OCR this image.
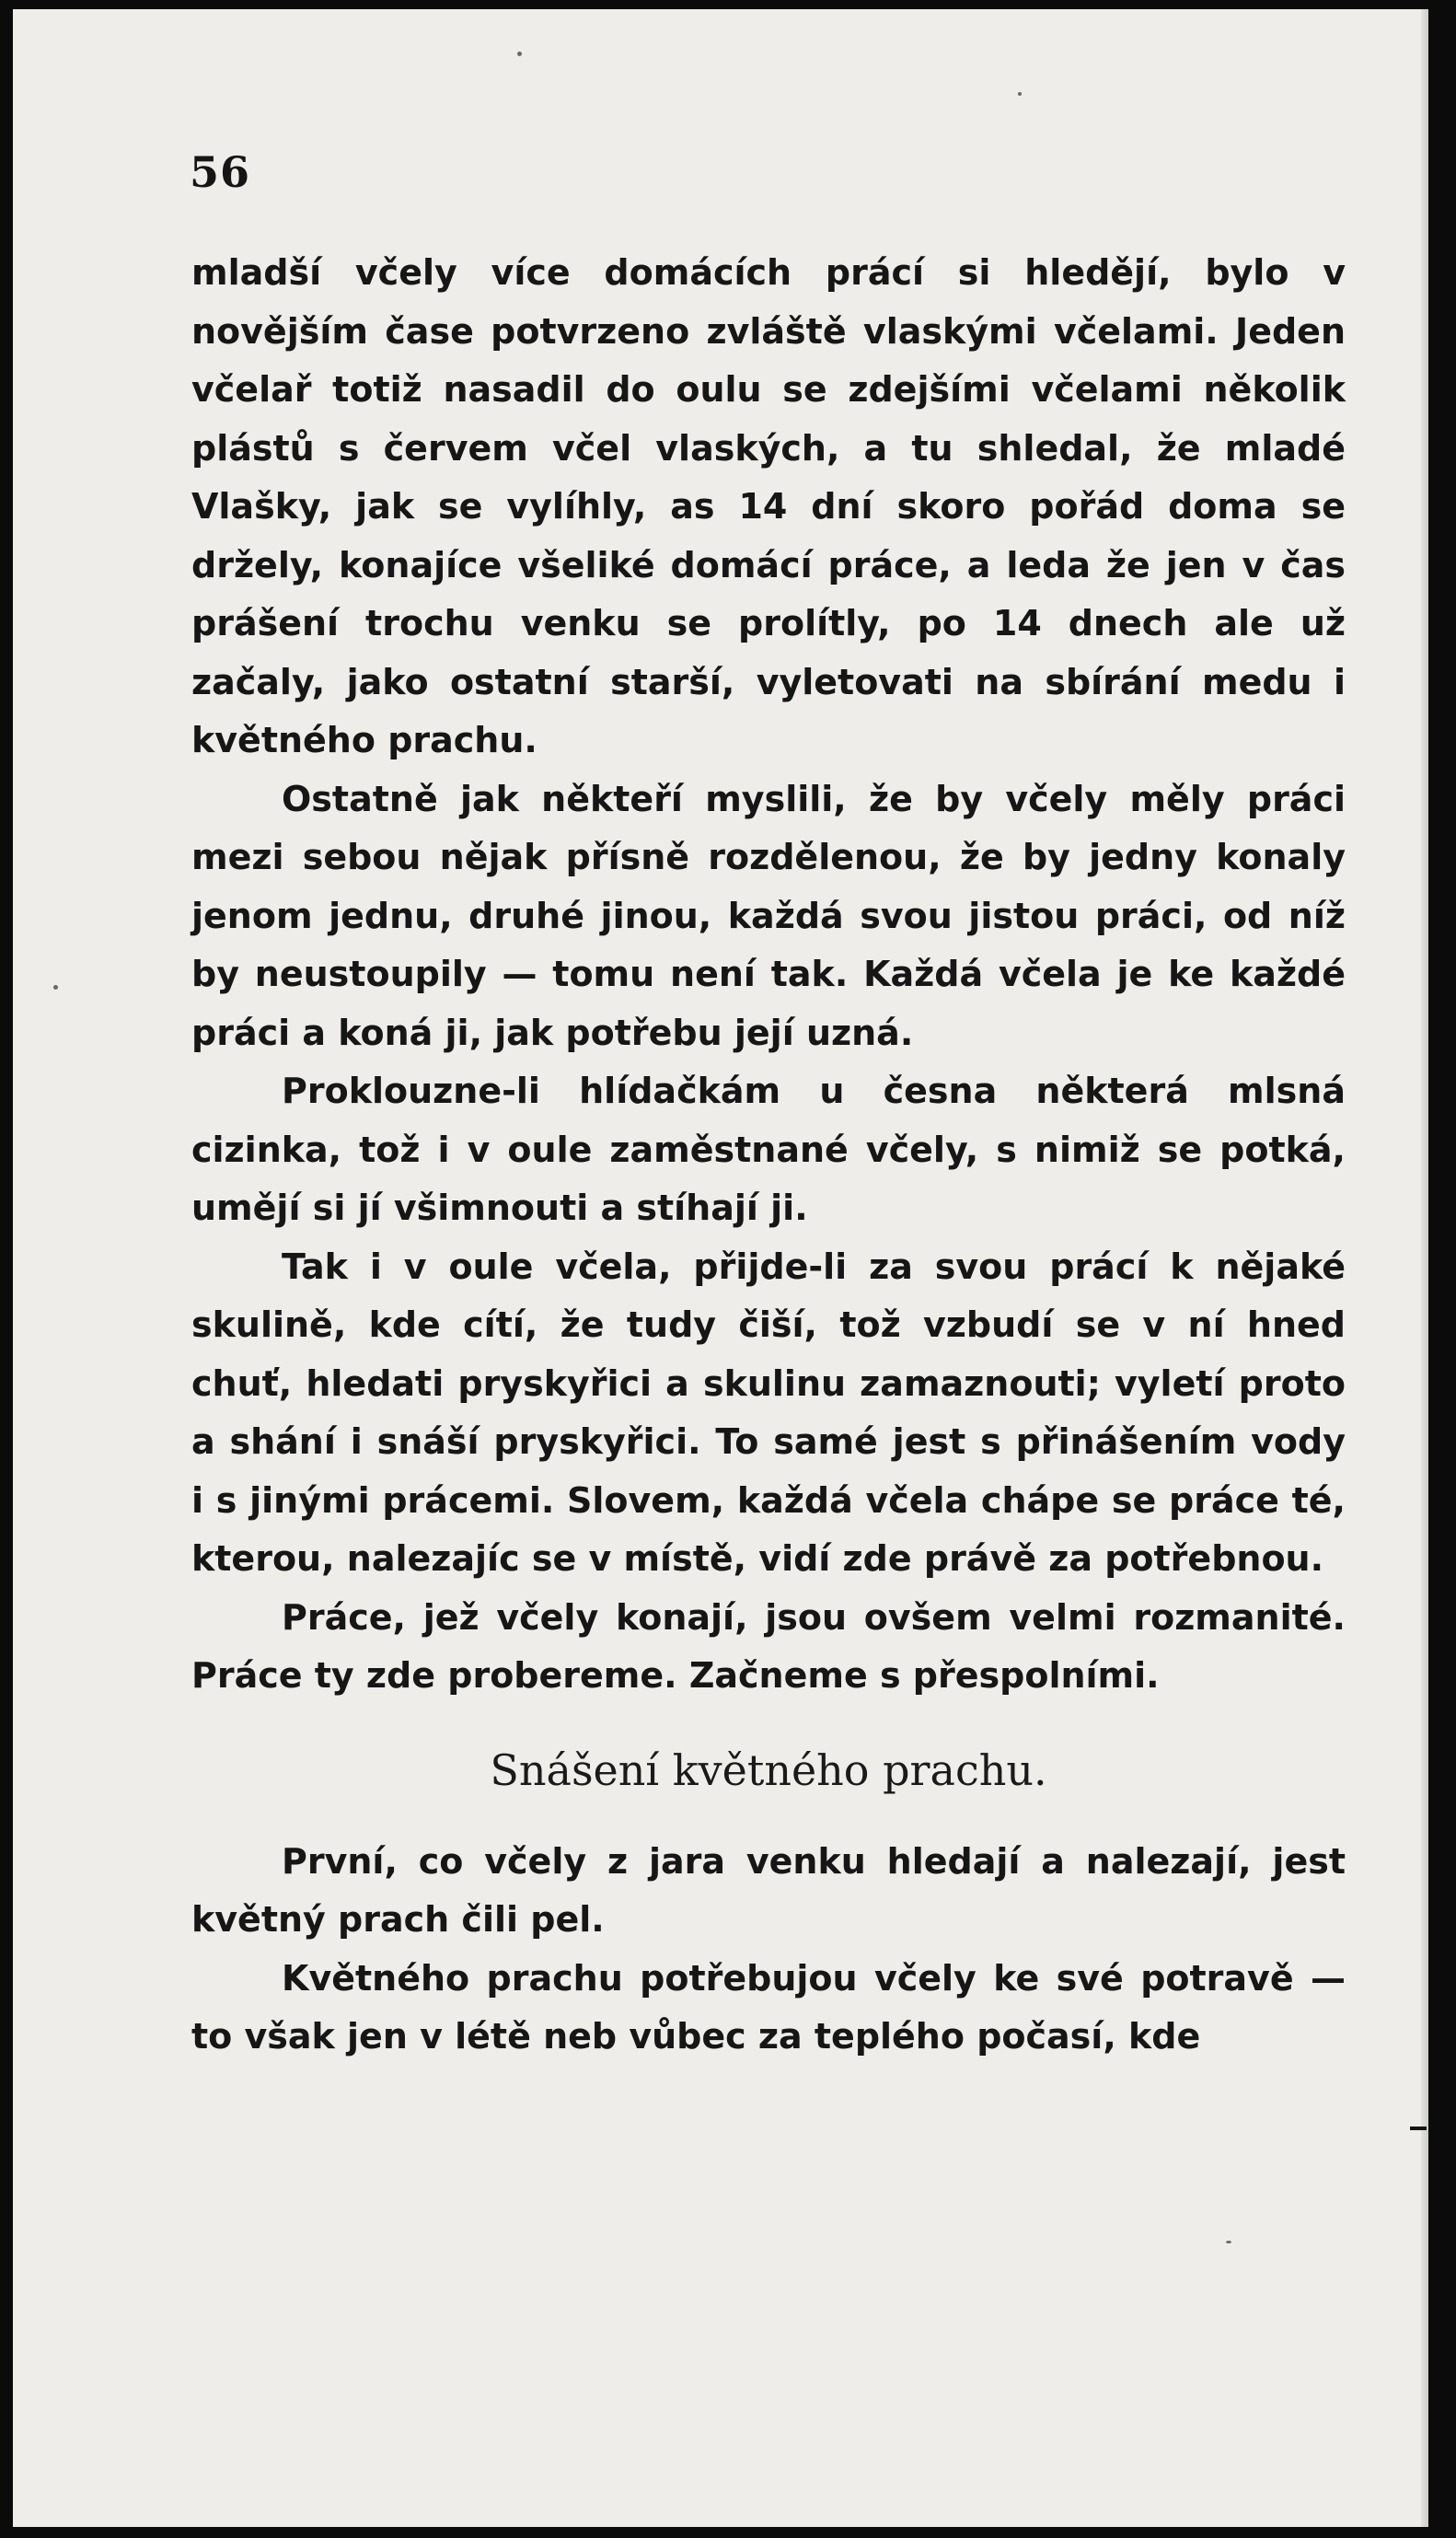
56

mladší včely více domácích prácí si hledějí, bylo v novějším čase potvrzeno zvláště vlaskými včelami. Jeden včelař totiž nasadil do oulu se zdejšími včelami několik plástů s červem včel vlaských, a tu shledal, že mladé Vlašky, jak se vylíhly, as 14 dní skoro pořád doma se držely, konajíce všeliké domácí práce, a leda že jen v čas prášení trochu venku se prolítly, po 14 dnech ale už začaly, jako ostatní starší, vyletovati na sbírání medu i květného prachu.

Ostatně jak někteří myslili, že by včely měly práci mezi sebou nějak přísně rozdělenou, že by jedny konaly jenom jednu, druhé jinou, každá svou jistou práci, od níž by neustoupily — tomu není tak. Každá včela je ke každé práci a koná ji, jak potřebu její uzná.

Proklouzne-li hlídačkám u česna některá mlsná cizinka, tož i v oule zaměstnané včely, s nimiž se potká, umějí si jí všimnouti a stíhají ji.

Tak i v oule včela, přijde-li za svou prácí k nějaké skulině, kde cítí, že tudy čiší, tož vzbudí se v ní hned chuť, hledati pryskyřici a skulinu zamaznouti; vyletí proto a shání i snáší pryskyřici. To samé jest s přinášením vody i s jinými prácemi. Slovem, každá včela chápe se práce té, kterou, nalezajíc se v místě, vidí zde právě za potřebnou.

Práce, jež včely konají, jsou ovšem velmi rozmanité. Práce ty zde probereme. Začneme s přespolními.

Snášení květného prachu.

První, co včely z jara venku hledají a nalezají, jest květný prach čili pel.

Květného prachu potřebujou včely ke své potravě — to však jen v létě neb vůbec za teplého počasí, kde
